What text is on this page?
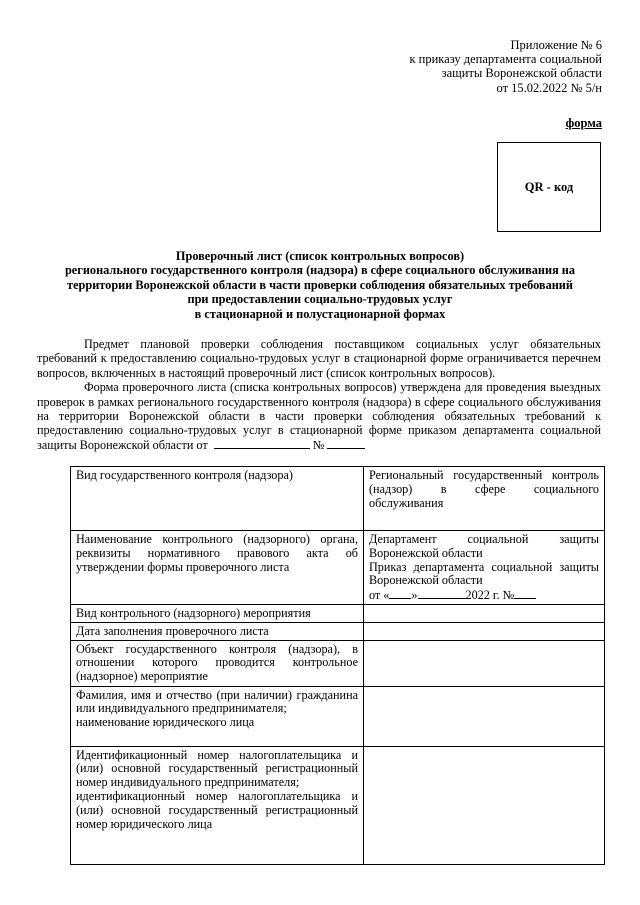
Приложение № 6
к приказу департамента социальной
защиты Воронежской области
от 15.02.2022 № 5/н
форма
QR - код
Проверочный лист (список контрольных вопросов)
регионального государственного контроля (надзора) в сфере социального обслуживания на
территории Воронежской области в части проверки соблюдения обязательных требований
при предоставлении социально-трудовых услуг
в стационарной и полустационарной формах

Предмет плановой проверки соблюдения поставщиком социальных услуг обязательных требований к предоставлению социально-трудовых услуг в стационарной форме ограничивается перечнем вопросов, включенных в настоящий проверочный лист (список контрольных вопросов).

Форма проверочного листа (списка контрольных вопросов) утверждена для проведения выездных проверок в рамках регионального государственного контроля (надзора) в сфере социального обслуживания на территории Воронежской области в части проверки соблюдения обязательных требований к предоставлению социально-трудовых услуг в стационарной форме приказом департамента социальной защиты Воронежской области от	№

Вид государственного контроля (надзора)	Региональный государственный контроль (надзор) в сфере социального обслуживания
Наименование контрольного (надзорного) органа, реквизиты нормативного правового акта об утверждении формы проверочного листа	Департамент социальной защиты Воронежской области

Приказ департамента социальной защиты Воронежской области

от « » 2022 г. №

Вид контрольного (надзорного) мероприятия	
Дата заполнения проверочного листа	
Объект государственного контроля (надзора), в отношении которого проводится контрольное (надзорное) мероприятие	

Фамилия, имя и отчество (при наличии) гражданина или индивидуального предпринимателя;

наименование юридического лица	

Идентификационный номер налогоплательщика и (или) основной государственный регистрационный номер индивидуального предпринимателя;

идентификационный номер налогоплательщика и (или) основной государственный регистрационный номер юридического лица	
